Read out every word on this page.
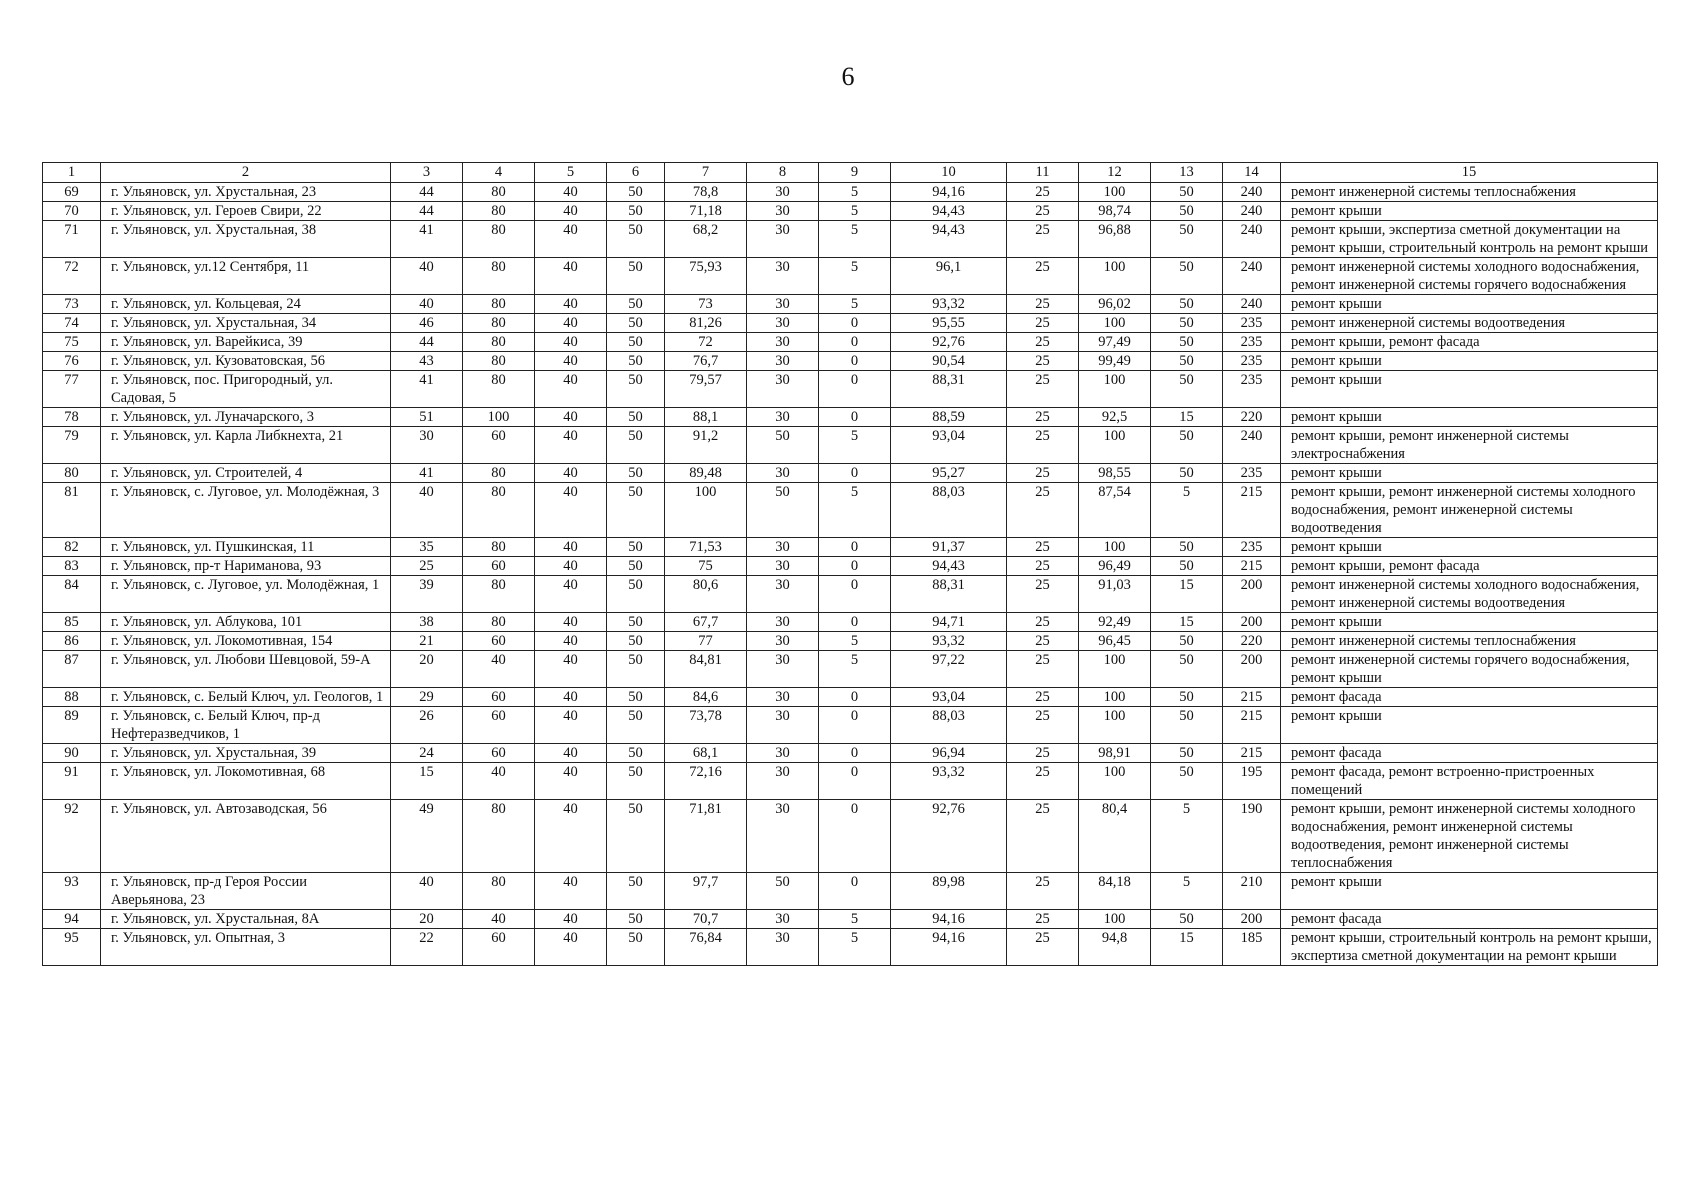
6
1	2	3	4	5	6	7	8	9	10	11	12	13	14	15
69	г. Ульяновск, ул. Хрустальная, 23	44	80	40	50	78,8	30	5	94,16	25	100	50	240	ремонт инженерной системы теплоснабжения
70	г. Ульяновск, ул. Героев Свири, 22	44	80	40	50	71,18	30	5	94,43	25	98,74	50	240	ремонт крыши
71	г. Ульяновск, ул. Хрустальная, 38	41	80	40	50	68,2	30	5	94,43	25	96,88	50	240	ремонт крыши, экспертиза сметной документации на ремонт крыши, строительный контроль на ремонт крыши
72	г. Ульяновск, ул.12 Сентября, 11	40	80	40	50	75,93	30	5	96,1	25	100	50	240	ремонт инженерной системы холодного водоснабжения, ремонт инженерной системы горячего водоснабжения
73	г. Ульяновск, ул. Кольцевая, 24	40	80	40	50	73	30	5	93,32	25	96,02	50	240	ремонт крыши
74	г. Ульяновск, ул. Хрустальная, 34	46	80	40	50	81,26	30	0	95,55	25	100	50	235	ремонт инженерной системы водоотведения
75	г. Ульяновск, ул. Варейкиса, 39	44	80	40	50	72	30	0	92,76	25	97,49	50	235	ремонт крыши, ремонт фасада
76	г. Ульяновск, ул. Кузоватовская, 56	43	80	40	50	76,7	30	0	90,54	25	99,49	50	235	ремонт крыши
77	г. Ульяновск, пос. Пригородный, ул. Садовая, 5	41	80	40	50	79,57	30	0	88,31	25	100	50	235	ремонт крыши
78	г. Ульяновск, ул. Луначарского, 3	51	100	40	50	88,1	30	0	88,59	25	92,5	15	220	ремонт крыши
79	г. Ульяновск, ул. Карла Либкнехта, 21	30	60	40	50	91,2	50	5	93,04	25	100	50	240	ремонт крыши, ремонт инженерной системы электроснабжения
80	г. Ульяновск, ул. Строителей, 4	41	80	40	50	89,48	30	0	95,27	25	98,55	50	235	ремонт крыши
81	г. Ульяновск, с. Луговое, ул. Молодёжная, 3	40	80	40	50	100	50	5	88,03	25	87,54	5	215	ремонт крыши, ремонт инженерной системы холодного водоснабжения, ремонт инженерной системы водоотведения
82	г. Ульяновск, ул. Пушкинская, 11	35	80	40	50	71,53	30	0	91,37	25	100	50	235	ремонт крыши
83	г. Ульяновск, пр-т Нариманова, 93	25	60	40	50	75	30	0	94,43	25	96,49	50	215	ремонт крыши, ремонт фасада
84	г. Ульяновск, с. Луговое, ул. Молодёжная, 1	39	80	40	50	80,6	30	0	88,31	25	91,03	15	200	ремонт инженерной системы холодного водоснабжения, ремонт инженерной системы водоотведения
85	г. Ульяновск, ул. Аблукова, 101	38	80	40	50	67,7	30	0	94,71	25	92,49	15	200	ремонт крыши
86	г. Ульяновск, ул. Локомотивная, 154	21	60	40	50	77	30	5	93,32	25	96,45	50	220	ремонт инженерной системы теплоснабжения
87	г. Ульяновск, ул. Любови Шевцовой, 59-А	20	40	40	50	84,81	30	5	97,22	25	100	50	200	ремонт инженерной системы горячего водоснабжения, ремонт крыши
88	г. Ульяновск, с. Белый Ключ, ул. Геологов, 1	29	60	40	50	84,6	30	0	93,04	25	100	50	215	ремонт фасада
89	г. Ульяновск, с. Белый Ключ, пр-д Нефтеразведчиков, 1	26	60	40	50	73,78	30	0	88,03	25	100	50	215	ремонт крыши
90	г. Ульяновск, ул. Хрустальная, 39	24	60	40	50	68,1	30	0	96,94	25	98,91	50	215	ремонт фасада
91	г. Ульяновск, ул. Локомотивная, 68	15	40	40	50	72,16	30	0	93,32	25	100	50	195	ремонт фасада, ремонт встроенно-пристроенных помещений
92	г. Ульяновск, ул. Автозаводская, 56	49	80	40	50	71,81	30	0	92,76	25	80,4	5	190	ремонт крыши, ремонт инженерной системы холодного водоснабжения, ремонт инженерной системы водоотведения, ремонт инженерной системы теплоснабжения
93	г. Ульяновск, пр-д Героя России Аверьянова, 23	40	80	40	50	97,7	50	0	89,98	25	84,18	5	210	ремонт крыши
94	г. Ульяновск, ул. Хрустальная, 8А	20	40	40	50	70,7	30	5	94,16	25	100	50	200	ремонт фасада
95	г. Ульяновск, ул. Опытная, 3	22	60	40	50	76,84	30	5	94,16	25	94,8	15	185	ремонт крыши, строительный контроль на ремонт крыши, экспертиза сметной документации на ремонт крыши
